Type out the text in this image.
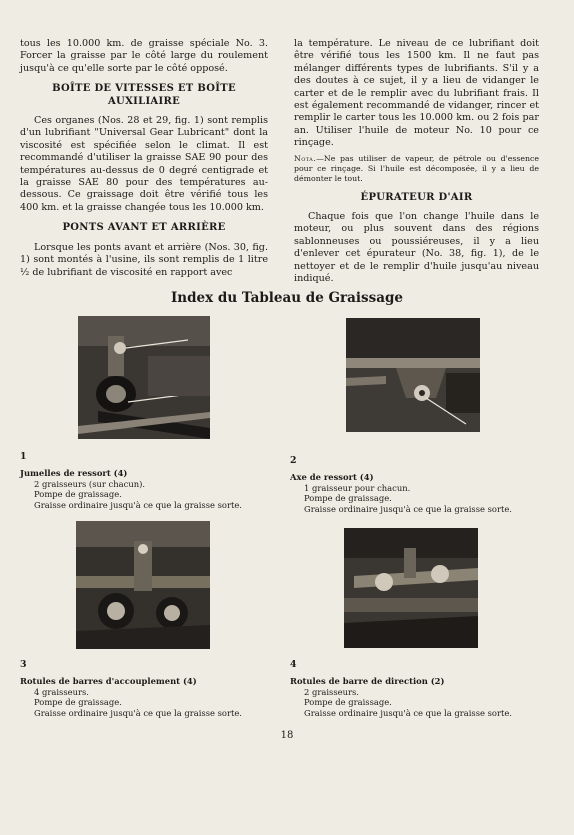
tous les 10.000 km. de graisse spéciale No. 3. Forcer la graisse par le côté large du roulement jusqu'à ce qu'elle sorte par le côté opposé.

BOÎTE DE VITESSES ET BOÎTE AUXILIAIRE

Ces organes (Nos. 28 et 29, fig. 1) sont remplis d'un lubrifiant "Universal Gear Lubricant" dont la viscosité est spécifiée selon le climat. Il est recommandé d'utiliser la graisse SAE 90 pour des températures au-dessus de 0 degré centigrade et la graisse SAE 80 pour des températures au-dessous. Ce graissage doit être vérifié tous les 400 km. et la graisse changée tous les 10.000 km.

PONTS AVANT ET ARRIÈRE

Lorsque les ponts avant et arrière (Nos. 30, fig. 1) sont montés à l'usine, ils sont remplis de 1 litre ½ de lubrifiant de viscosité en rapport avec

la température. Le niveau de ce lubrifiant doit être vérifié tous les 1500 km. Il ne faut pas mélanger différents types de lubrifiants. S'il y a des doutes à ce sujet, il y a lieu de vidanger le carter et de le remplir avec du lubrifiant frais. Il est également recommandé de vidanger, rincer et remplir le carter tous les 10.000 km. ou 2 fois par an. Utiliser l'huile de moteur No. 10 pour ce rinçage.

Nota.—Ne pas utiliser de vapeur, de pétrole ou d'essence pour ce rinçage. Si l'huile est décomposée, il y a lieu de démonter le tout.

ÉPURATEUR D'AIR

Chaque fois que l'on change l'huile dans le moteur, ou plus souvent dans des régions sablonneuses ou poussiéreuses, il y a lieu d'enlever cet épurateur (No. 38, fig. 1), de le nettoyer et de le remplir d'huile jusqu'au niveau indiqué.

Index du Tableau de Graissage
1
Jumelles de ressort (4)
2 graisseurs (sur chacun).
Pompe de graissage.
Graisse ordinaire jusqu'à ce que la graisse sorte.
2
Axe de ressort (4)
1 graisseur pour chacun.
Pompe de graissage.
Graisse ordinaire jusqu'à ce que la graisse sorte.
3
Rotules de barres d'accouplement (4)
4 graisseurs.
Pompe de graissage.
Graisse ordinaire jusqu'à ce que la graisse sorte.
4
Rotules de barre de direction (2)
2 graisseurs.
Pompe de graissage.
Graisse ordinaire jusqu'à ce que la graisse sorte.
18
